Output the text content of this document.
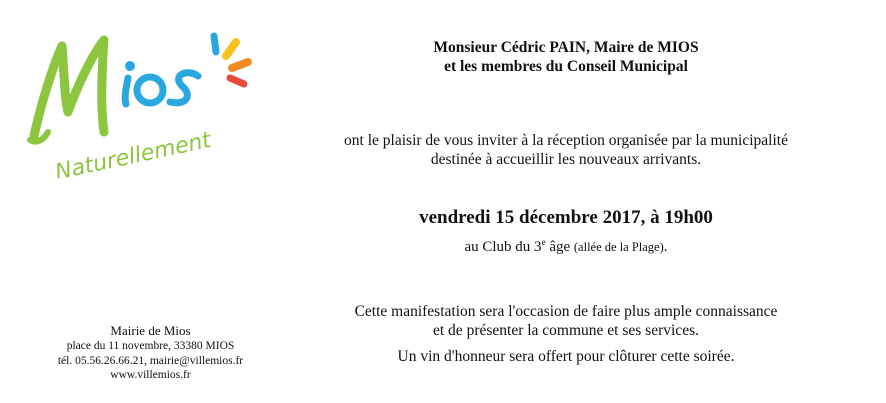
Naturellement
Monsieur Cédric PAIN, Maire de MIOS
et les membres du Conseil Municipal
ont le plaisir de vous inviter à la réception organisée par la municipalité
destinée à accueillir les nouveaux arrivants.
vendredi 15 décembre 2017, à 19h00
au Club du 3e âge (allée de la Plage).
Cette manifestation sera l'occasion de faire plus ample connaissance
et de présenter la commune et ses services.
Un vin d'honneur sera offert pour clôturer cette soirée.
Mairie de Mios
place du 11 novembre, 33380 MIOS
tél. 05.56.26.66.21, mairie@villemios.fr
www.villemios.fr
